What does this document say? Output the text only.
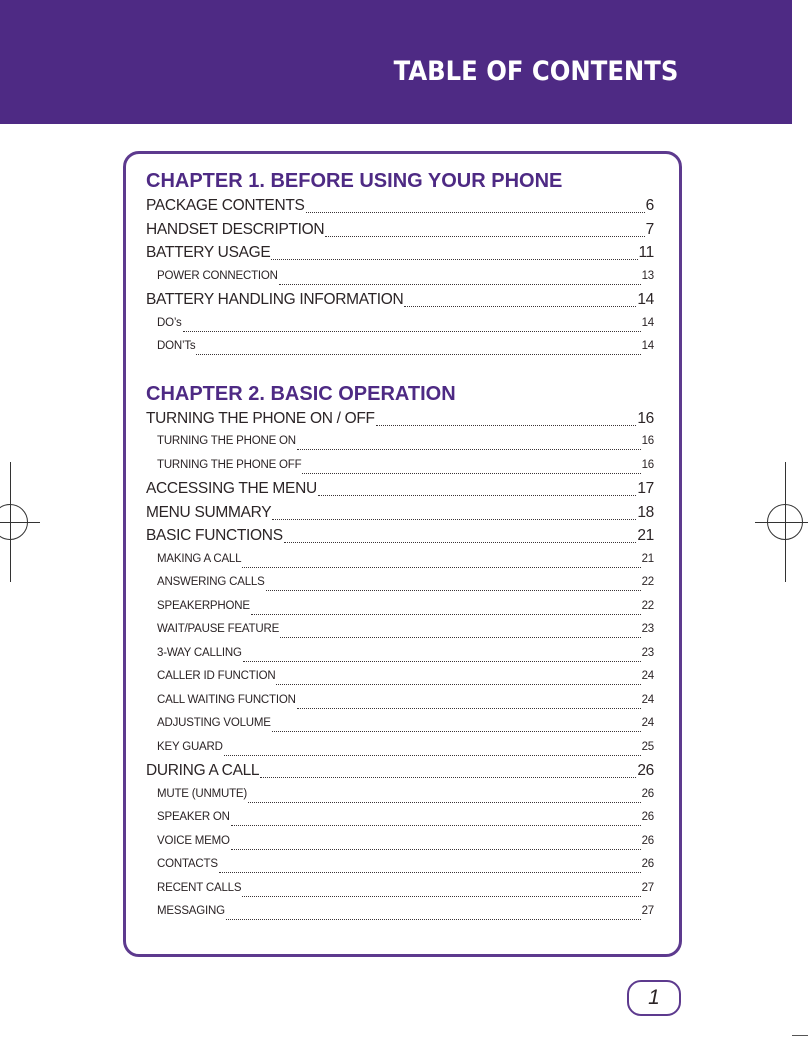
TABLE OF CONTENTS
CHAPTER 1. BEFORE USING YOUR PHONE
PACKAGE CONTENTS	6
HANDSET DESCRIPTION	7
BATTERY USAGE	11
POWER CONNECTION	13
BATTERY HANDLING INFORMATION	14
DO’s	14
DON’Ts	14
CHAPTER 2. BASIC OPERATION
TURNING THE PHONE ON / OFF	16
TURNING THE PHONE ON	16
TURNING THE PHONE OFF	16
ACCESSING THE MENU	17
MENU SUMMARY	18
BASIC FUNCTIONS	21
MAKING A CALL	21
ANSWERING CALLS	22
SPEAKERPHONE	22
WAIT/PAUSE FEATURE	23
3-WAY CALLING	23
CALLER ID FUNCTION	24
CALL WAITING FUNCTION	24
ADJUSTING VOLUME	24
KEY GUARD	25
DURING A CALL	26
MUTE (UNMUTE)	26
SPEAKER ON	26
VOICE MEMO	26
CONTACTS	26
RECENT CALLS	27
MESSAGING	27
1
